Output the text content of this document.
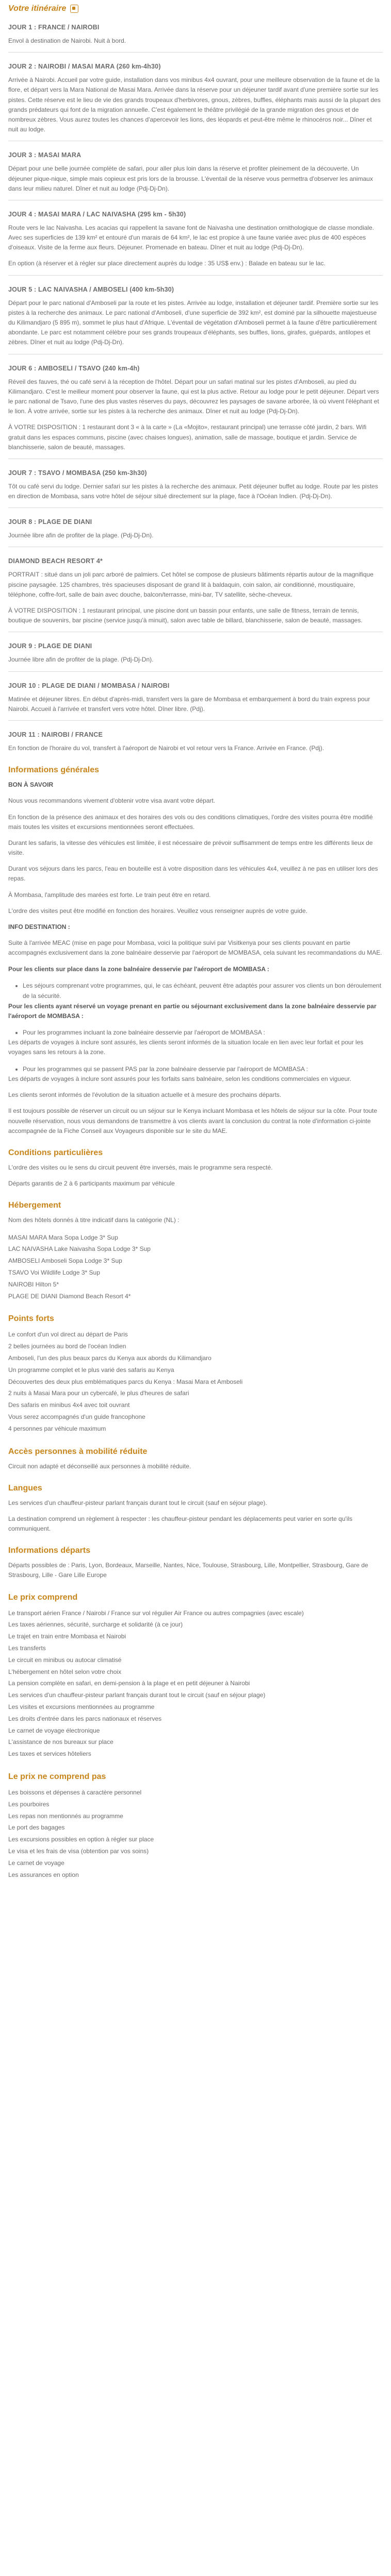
Votre itinéraire
JOUR 1 : FRANCE / NAIROBI
Envol à destination de Nairobi. Nuit à bord.
JOUR 2 : NAIROBI / MASAI MARA (260 km-4h30)
Arrivée à Nairobi. Accueil par votre guide, installation dans vos minibus 4x4 ouvrant, pour une meilleure observation de la faune et de la flore, et départ vers la Mara National de Masai Mara. Arrivée dans la réserve pour un déjeuner tardif avant d'une première sortie sur les pistes. Cette réserve est le lieu de vie des grands troupeaux d'herbivores, gnous, zèbres, buffles, éléphants mais aussi de la plupart des grands prédateurs qui font de la migration annuelle. C'est également le théâtre privilégié de la grande migration des gnous et de nombreux zèbres. Vous aurez toutes les chances d'apercevoir les lions, des léopards et peut-être même le rhinocéros noir... Dîner et nuit au lodge.
JOUR 3 : MASAI MARA
Départ pour une belle journée complète de safari, pour aller plus loin dans la réserve et profiter pleinement de la découverte. Un déjeuner pique-nique, simple mais copieux est pris lors de la brousse. L'éventail de la réserve vous permettra d'observer les animaux dans leur milieu naturel. Dîner et nuit au lodge (Pdj-Dj-Dn).
JOUR 4 : MASAI MARA / LAC NAIVASHA (295 km - 5h30)
Route vers le lac Naivasha. Les acacias qui rappellent la savane font de Naivasha une destination ornithologique de classe mondiale. Avec ses superficies de 139 km² et entouré d'un marais de 64 km², le lac est propice à une faune variée avec plus de 400 espèces d'oiseaux. Visite de la ferme aux fleurs. Déjeuner. Promenade en bateau. Dîner et nuit au lodge (Pdj-Dj-Dn).
En option (à réserver et à régler sur place directement auprès du lodge : 35 US$ env.) : Balade en bateau sur le lac.
JOUR 5 : LAC NAIVASHA / AMBOSELI (400 km-5h30)
Départ pour le parc national d'Amboseli par la route et les pistes. Arrivée au lodge, installation et déjeuner tardif. Première sortie sur les pistes à la recherche des animaux. Le parc national d'Amboseli, d'une superficie de 392 km², est dominé par la silhouette majestueuse du Kilimandjaro (5 895 m), sommet le plus haut d'Afrique. L'éventail de végétation d'Amboseli permet à la faune d'être particulièrement abondante. Le parc est notamment célèbre pour ses grands troupeaux d'éléphants, ses buffles, lions, girafes, guépards, antilopes et zèbres. Dîner et nuit au lodge (Pdj-Dj-Dn).
JOUR 6 : AMBOSELI / TSAVO (240 km-4h)
Réveil des fauves, thé ou café servi à la réception de l'hôtel. Départ pour un safari matinal sur les pistes d'Amboseli, au pied du Kilimandjaro. C'est le meilleur moment pour observer la faune, qui est la plus active. Retour au lodge pour le petit déjeuner. Départ vers le parc national de Tsavo, l'une des plus vastes réserves du pays, découvrez les paysages de savane arborée, là où vivent l'éléphant et le lion. À votre arrivée, sortie sur les pistes à la recherche des animaux. Dîner et nuit au lodge (Pdj-Dj-Dn).
À VOTRE DISPOSITION : 1 restaurant dont 3 « à la carte » (La «Mojito», restaurant principal) une terrasse côté jardin, 2 bars. Wifi gratuit dans les espaces communs, piscine (avec chaises longues), animation, salle de massage, boutique et jardin. Service de blanchisserie, salon de beauté, massages.
JOUR 7 : TSAVO / MOMBASA (250 km-3h30)
Tôt ou café servi du lodge. Dernier safari sur les pistes à la recherche des animaux. Petit déjeuner buffet au lodge. Route par les pistes en direction de Mombasa, sans votre hôtel de séjour situé directement sur la plage, face à l'Océan Indien. (Pdj-Dj-Dn).
JOUR 8 : PLAGE DE DIANI
Journée libre afin de profiter de la plage. (Pdj-Dj-Dn).
DIAMOND BEACH RESORT 4*
PORTRAIT : situé dans un joli parc arboré de palmiers. Cet hôtel se compose de plusieurs bâtiments répartis autour de la magnifique piscine paysagée. 125 chambres, très spacieuses disposant de grand lit à baldaquin, coin salon, air conditionné, moustiquaire, téléphone, coffre-fort, salle de bain avec douche, balcon/terrasse, mini-bar, TV satellite, sèche-cheveux.
À VOTRE DISPOSITION : 1 restaurant principal, une piscine dont un bassin pour enfants, une salle de fitness, terrain de tennis, boutique de souvenirs, bar piscine (service jusqu'à minuit), salon avec table de billard, blanchisserie, salon de beauté, massages.
JOUR 9 : PLAGE DE DIANI
Journée libre afin de profiter de la plage. (Pdj-Dj-Dn).
JOUR 10 : PLAGE DE DIANI / MOMBASA / NAIROBI
Matinée et déjeuner libres. En début d'après-midi, transfert vers la gare de Mombasa et embarquement à bord du train express pour Nairobi. Accueil à l'arrivée et transfert vers votre hôtel. Dîner libre. (Pdj).
JOUR 11 : NAIROBI / FRANCE
En fonction de l'horaire du vol, transfert à l'aéroport de Nairobi et vol retour vers la France. Arrivée en France. (Pdj).
Informations générales
BON À SAVOIR
Nous vous recommandons vivement d'obtenir votre visa avant votre départ.
En fonction de la présence des animaux et des horaires des vols ou des conditions climatiques, l'ordre des visites pourra être modifié mais toutes les visites et excursions mentionnées seront effectuées.
Durant les safaris, la vitesse des véhicules est limitée, il est nécessaire de prévoir suffisamment de temps entre les différents lieux de visite.
Durant vos séjours dans les parcs, l'eau en bouteille est à votre disposition dans les véhicules 4x4, veuillez à ne pas en utiliser lors des repas.
À Mombasa, l'amplitude des marées est forte. Le train peut être en retard.
L'ordre des visites peut être modifié en fonction des horaires. Veuillez vous renseigner auprès de votre guide.
INFO DESTINATION :
Suite à l'arrivée MEAC (mise en page pour Mombasa, voici la politique suivi par Visitkenya pour ses clients pouvant en partie accompagnés exclusivement dans la zone balnéaire desservie par l'aéroport de MOMBASA, cela suivant les recommandations du MAE.
Pour les clients sur place dans la zone balnéaire desservie par l'aéroport de MOMBASA :
• Les séjours comprenant votre programmes, qui, le cas échéant, peuvent être adaptés pour assurer vos clients un bon déroulement de la sécurité.
Pour les clients ayant réservé un voyage prenant en partie ou séjournant exclusivement dans la zone balnéaire desservie par l'aéroport de MOMBASA :
• Pour les programmes incluant la zone balnéaire desservie par l'aéroport de MOMBASA :
Les départs de voyages à inclure sont assurés, les clients seront informés de la situation locale en lien avec leur forfait et pour les voyages sans les retours à la zone.
• Pour les programmes qui se passent PAS par la zone balnéaire desservie par l'aéroport de MOMBASA :
Les départs de voyages à inclure sont assurés pour les forfaits sans balnéaire, selon les conditions commerciales en vigueur.
Les clients seront informés de l'évolution de la situation actuelle et à mesure des prochains départs.
Il est toujours possible de réserver un circuit ou un séjour sur le Kenya incluant Mombasa et les hôtels de séjour sur la côte. Pour toute nouvelle réservation, nous vous demandons de transmettre à vos clients avant la conclusion du contrat la note d'information ci-jointe accompagnée de la Fiche Conseil aux Voyageurs disponible sur le site du MAE.
Conditions particulières
L'ordre des visites ou le sens du circuit peuvent être inversés, mais le programme sera respecté.
Départs garantis de 2 à 6 participants maximum par véhicule
Hébergement
Nom des hôtels donnés à titre indicatif dans la catégorie (NL) :
MASAI MARA Mara Sopa Lodge 3* Sup
LAC NAIVASHA Lake Naivasha Sopa Lodge 3* Sup
AMBOSELI Amboseli Sopa Lodge 3* Sup
TSAVO Voi Wildlife Lodge 3* Sup
NAIROBI Hilton 5*
PLAGE DE DIANI Diamond Beach Resort 4*
Points forts
Le confort d'un vol direct au départ de Paris
2 belles journées au bord de l'océan Indien
Amboseli, l'un des plus beaux parcs du Kenya aux abords du Kilimandjaro
Un programme complet et le plus varié des safaris au Kenya
Découvertes des deux plus emblématiques parcs du Kenya : Masai Mara et Amboseli
2 nuits à Masai Mara pour un cybercafé, le plus d'heures de safari
Des safaris en minibus 4x4 avec toit ouvrant
Vous serez accompagnés d'un guide francophone
4 personnes par véhicule maximum
Accès personnes à mobilité réduite
Circuit non adapté et déconseillé aux personnes à mobilité réduite.
Langues
Les services d'un chauffeur-pisteur parlant français durant tout le circuit (sauf en séjour plage).
La destination comprend un règlement à respecter : les chauffeur-pisteur pendant les déplacements peut varier en sorte qu'ils communiquent.
Informations départs
Départs possibles de : Paris, Lyon, Bordeaux, Marseille, Nantes, Nice, Toulouse, Strasbourg, Lille, Montpellier, Strasbourg, Gare de Strasbourg, Lille - Gare Lille Europe
Le prix comprend
Le transport aérien France / Nairobi / France sur vol régulier Air France ou autres compagnies (avec escale)
Les taxes aériennes, sécurité, surcharge et solidarité (à ce jour)
Le trajet en train entre Mombasa et Nairobi
Les transferts
Le circuit en minibus ou autocar climatisé
L'hébergement en hôtel selon votre choix
La pension complète en safari, en demi-pension à la plage et en petit déjeuner à Nairobi
Les services d'un chauffeur-pisteur parlant français durant tout le circuit (sauf en séjour plage)
Les visites et excursions mentionnées au programme
Les droits d'entrée dans les parcs nationaux et réserves
Le carnet de voyage électronique
L'assistance de nos bureaux sur place
Les taxes et services hôteliers
Le prix ne comprend pas
Les boissons et dépenses à caractère personnel
Les pourboires
Les repas non mentionnés au programme
Le port des bagages
Les excursions possibles en option à régler sur place
Le visa et les frais de visa (obtention par vos soins)
Le carnet de voyage
Les assurances en option
